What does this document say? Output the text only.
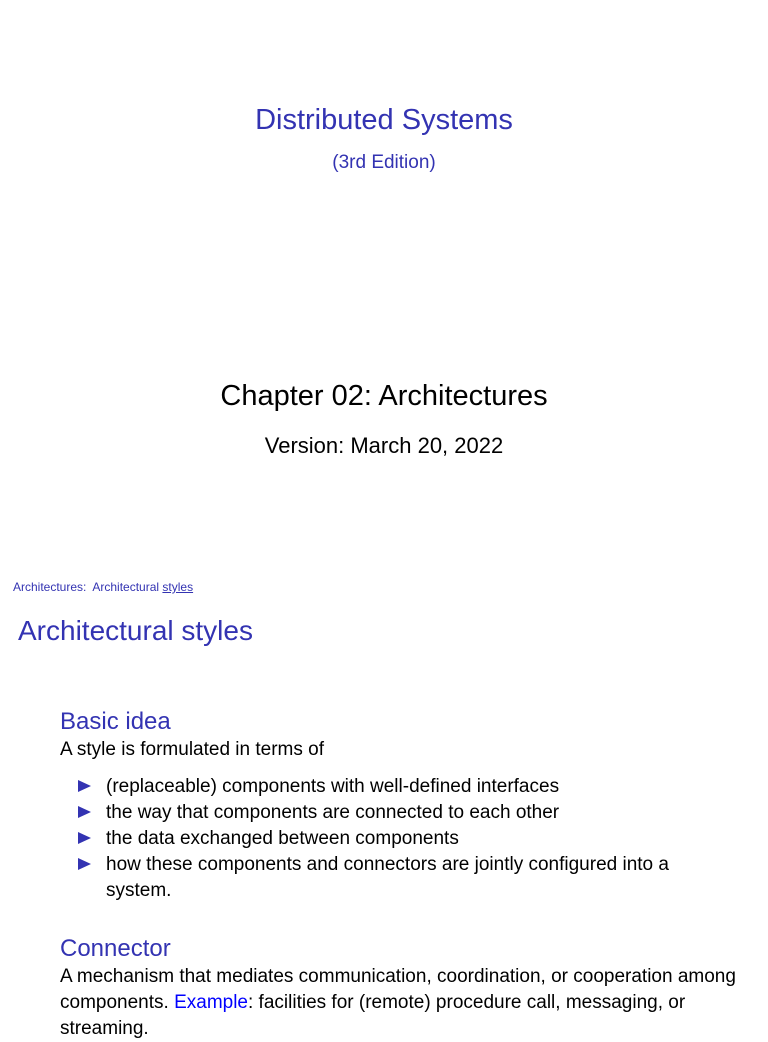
Distributed Systems
(3rd Edition)
Chapter 02: Architectures
Version: March 20, 2022
Architectures: Architectural styles
Architectural styles
Basic idea
A style is formulated in terms of
(replaceable) components with well-defined interfaces
the way that components are connected to each other
the data exchanged between components
how these components and connectors are jointly configured into a system.
Connector
A mechanism that mediates communication, coordination, or cooperation among components. Example: facilities for (remote) procedure call, messaging, or streaming.
